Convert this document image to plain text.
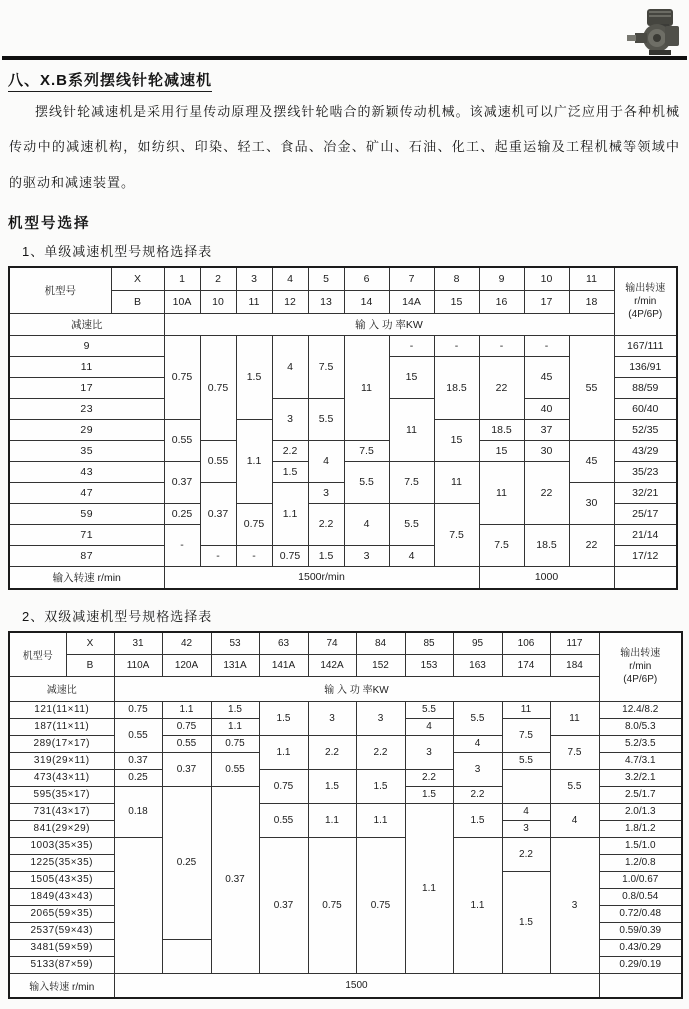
八、X.B系列摆线针轮减速机

摆线针轮减速机是采用行星传动原理及摆线针轮啮合的新颖传动机械。该减速机可以广泛应用于各种机械传动中的减速机构，如纺织、印染、轻工、食品、冶金、矿山、石油、化工、起重运输及工程机械等领域中的驱动和减速装置。

机型号选择
1、单级减速机型号规格选择表
机型号	X	1	2	3	4	5	6	7	8	9	10	11	输出转速
r/min
(4P/6P)

	B	10A	10	11	12	13	14	14A	15	16	17	18	
减速比		输 入 功 率KW											
9		0.75	0.75	1.5	4	7.5	11	-	-	-	-	55	167/111
11								15	18.5	22	45		136/91
17													88/59
23					3	5.5		11			40		60/40
29		0.55		1.1					15	18.5	37		52/35
35			0.55		2.2	4	7.5			15	30	45	43/29
43		0.37			1.5		5.5	7.5	11	11	22		35/23
47			0.37		1.1	3						30	32/21
59		0.25		0.75		2.2	4	5.5	7.5				25/17
71		-								7.5	18.5	22	21/14
87			-	-	0.75	1.5	3	4					17/12
输入转速 r/min		1500r/min								1000			
2、双级减速机型号规格选择表
机型号	X	31	42	53	63	74	84	85	95	106	117	输出转速
r/min
(4P/6P)

	B	110A	120A	131A	141A	142A	152	153	163	174	184	
减速比		输 入 功 率KW										
121(11×11)		0.75	1.1	1.5	1.5	3	3	5.5	5.5	11	11	12.4/8.2
187(11×11)		0.55	0.75	1.1				4		7.5		8.0/5.3
289(17×17)			0.55	0.75	1.1	2.2	2.2	3	4		7.5	5.2/3.5
319(29×11)		0.37	0.37	0.55					3	5.5		4.7/3.1
473(43×11)		0.25			0.75	1.5	1.5	2.2			5.5	3.2/2.1
595(35×17)		0.18	0.25	0.37				1.5	2.2			2.5/1.7
731(43×17)					0.55	1.1	1.1	1.1	1.5	4	4	2.0/1.3
841(29×29)										3		1.8/1.2
1003(35×35)					0.37	0.75	0.75		1.1	2.2	3	1.5/1.0
1225(35×35)												1.2/0.8
1505(43×35)										1.5		1.0/0.67
1849(43×43)												0.8/0.54
2065(59×35)												0.72/0.48
2537(59×43)												0.59/0.39
3481(59×59)												0.43/0.29
5133(87×59)												0.29/0.19
输入转速 r/min		1500										
